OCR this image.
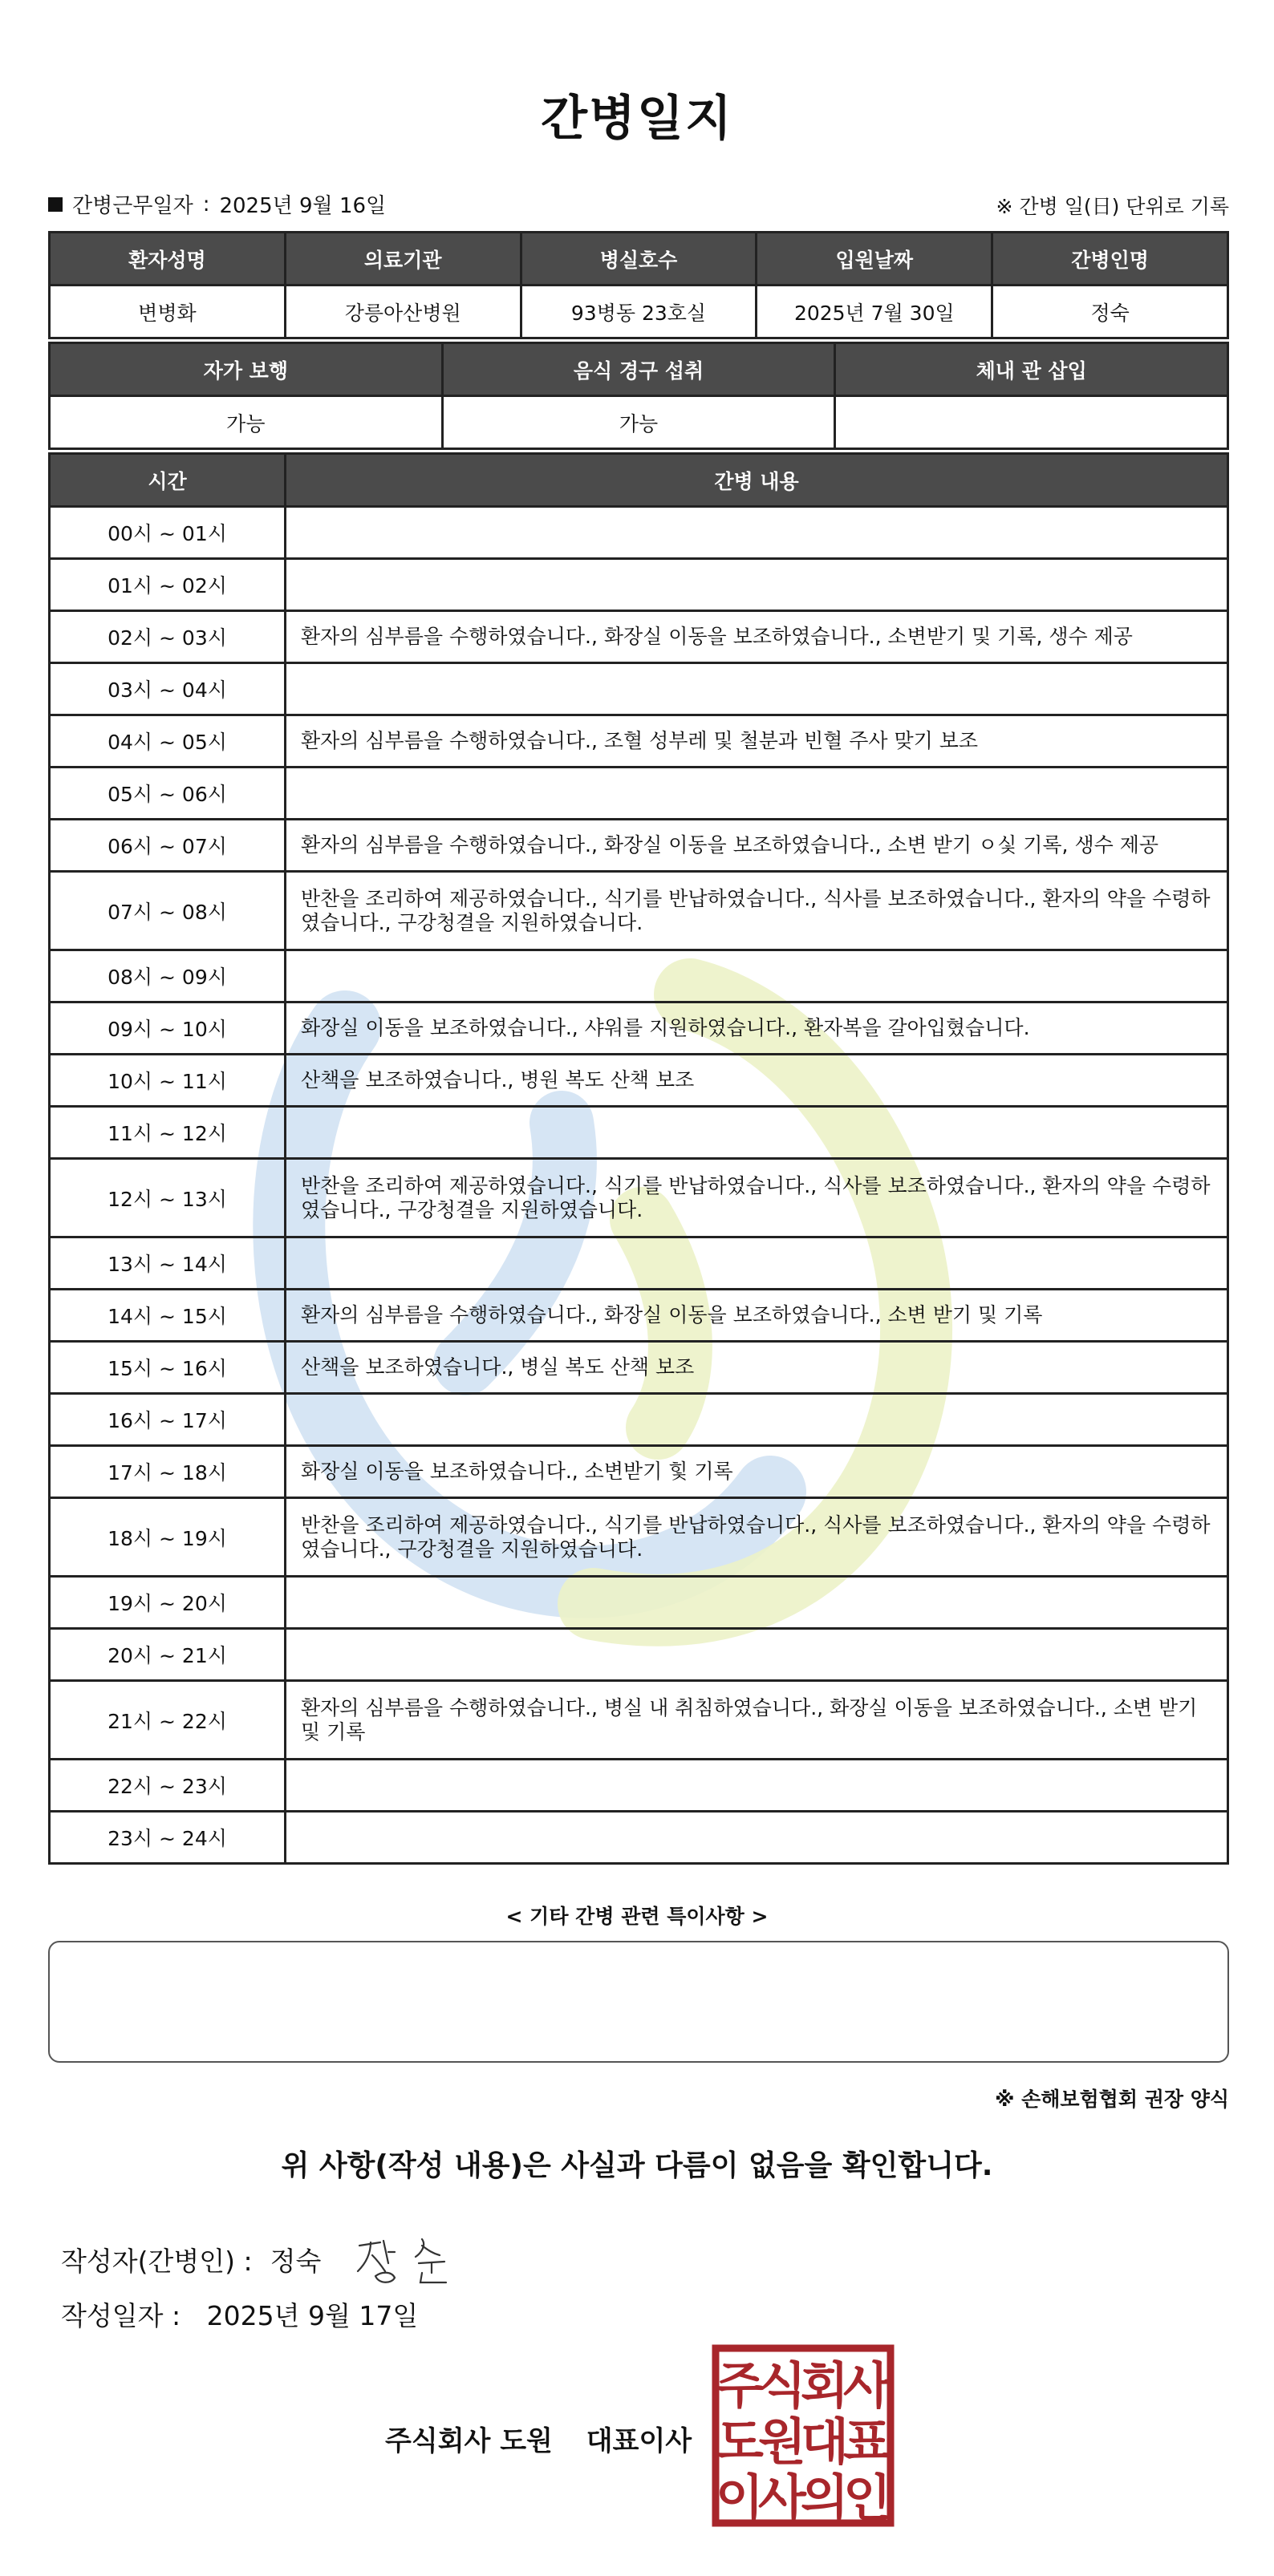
간병일지
간병근무일자 : 2025년 9월 16일	※ 간병 일(日) 단위로 기록
환자성명	의료기관	병실호수	입원날짜	간병인명
변병화	강릉아산병원	93병동 23호실	2025년 7월 30일	정숙
자가 보행	음식 경구 섭취	체내 관 삽입
가능	가능	
시간	간병 내용
00시 ~ 01시	
01시 ~ 02시	
02시 ~ 03시	환자의 심부름을 수행하였습니다., 화장실 이동을 보조하였습니다., 소변받기 및 기록, 생수 제공
03시 ~ 04시	
04시 ~ 05시	환자의 심부름을 수행하였습니다., 조혈 성부레 및 철분과 빈혈 주사 맞기 보조
05시 ~ 06시	
06시 ~ 07시	환자의 심부름을 수행하였습니다., 화장실 이동을 보조하였습니다., 소변 받기 ㅇ싳 기록, 생수 제공
07시 ~ 08시	반찬을 조리하여 제공하였습니다., 식기를 반납하였습니다., 식사를 보조하였습니다., 환자의 약을 수령하였습니다., 구강청결을 지원하였습니다.
08시 ~ 09시	
09시 ~ 10시	화장실 이동을 보조하였습니다., 샤워를 지원하였습니다., 환자복을 갈아입혔습니다.
10시 ~ 11시	산책을 보조하였습니다., 병원 복도 산책 보조
11시 ~ 12시	
12시 ~ 13시	반찬을 조리하여 제공하였습니다., 식기를 반납하였습니다., 식사를 보조하였습니다., 환자의 약을 수령하였습니다., 구강청결을 지원하였습니다.
13시 ~ 14시	
14시 ~ 15시	환자의 심부름을 수행하였습니다., 화장실 이동을 보조하였습니다., 소변 받기 및 기록
15시 ~ 16시	산책을 보조하였습니다., 병실 복도 산책 보조
16시 ~ 17시	
17시 ~ 18시	화장실 이동을 보조하였습니다., 소변받기 힟 기록
18시 ~ 19시	반찬을 조리하여 제공하였습니다., 식기를 반납하였습니다., 식사를 보조하였습니다., 환자의 약을 수령하였습니다., 구강청결을 지원하였습니다.
19시 ~ 20시	
20시 ~ 21시	
21시 ~ 22시	환자의 심부름을 수행하였습니다., 병실 내 취침하였습니다., 화장실 이동을 보조하였습니다., 소변 받기 및 기록
22시 ~ 23시	
23시 ~ 24시	
< 기타 간병 관련 특이사항 >
※ 손해보험협회 권장 양식
위 사항(작성 내용)은 사실과 다름이 없음을 확인합니다.
작성자(간병인) : 정숙
작성일자 : 2025년 9월 17일
주식회사 도원 대표이사
주
식
회
사
도
원
대
표
이
사
의
인
